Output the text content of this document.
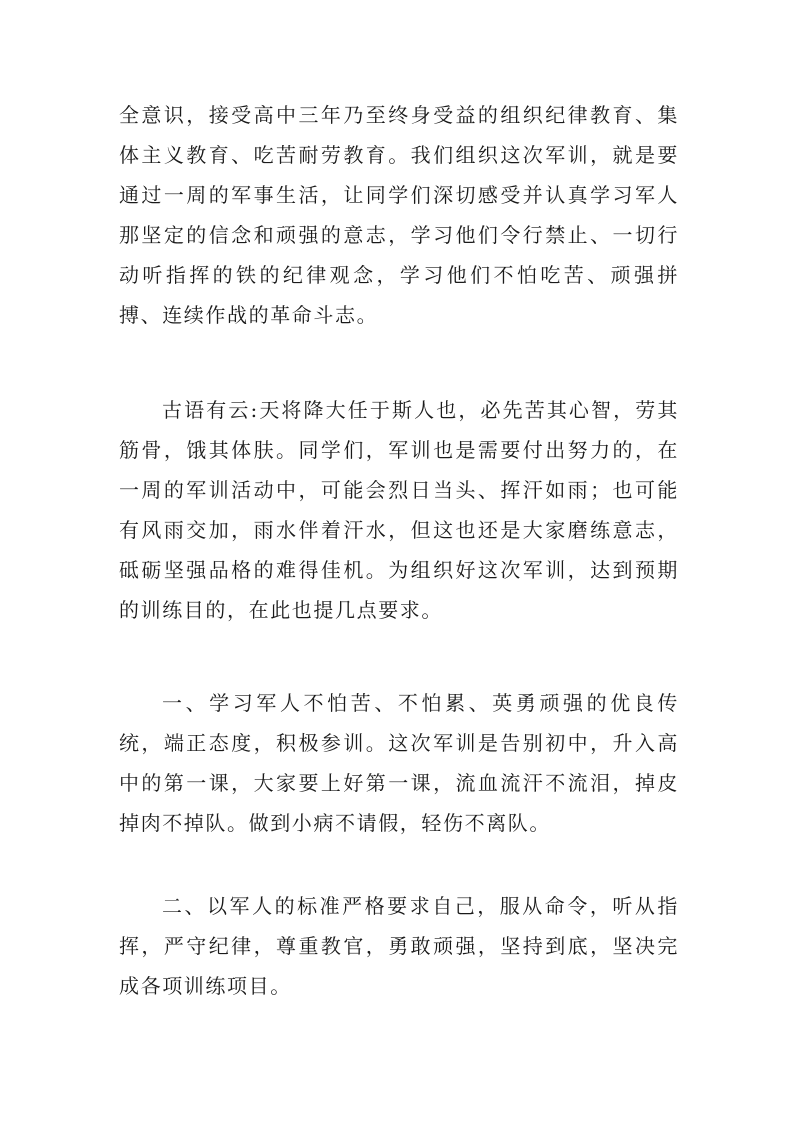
全意识，接受高中三年乃至终身受益的组织纪律教育、集体主义教育、吃苦耐劳教育。我们组织这次军训，就是要通过一周的军事生活，让同学们深切感受并认真学习军人那坚定的信念和顽强的意志，学习他们令行禁止、一切行动听指挥的铁的纪律观念，学习他们不怕吃苦、顽强拼搏、连续作战的革命斗志。

古语有云:天将降大任于斯人也，必先苦其心智，劳其筋骨，饿其体肤。同学们，军训也是需要付出努力的，在一周的军训活动中，可能会烈日当头、挥汗如雨；也可能有风雨交加，雨水伴着汗水，但这也还是大家磨练意志，砥砺坚强品格的难得佳机。为组织好这次军训，达到预期的训练目的，在此也提几点要求。

一、学习军人不怕苦、不怕累、英勇顽强的优良传统，端正态度，积极参训。这次军训是告别初中，升入高中的第一课，大家要上好第一课，流血流汗不流泪，掉皮掉肉不掉队。做到小病不请假，轻伤不离队。

二、以军人的标准严格要求自己，服从命令，听从指挥，严守纪律，尊重教官，勇敢顽强，坚持到底，坚决完成各项训练项目。
